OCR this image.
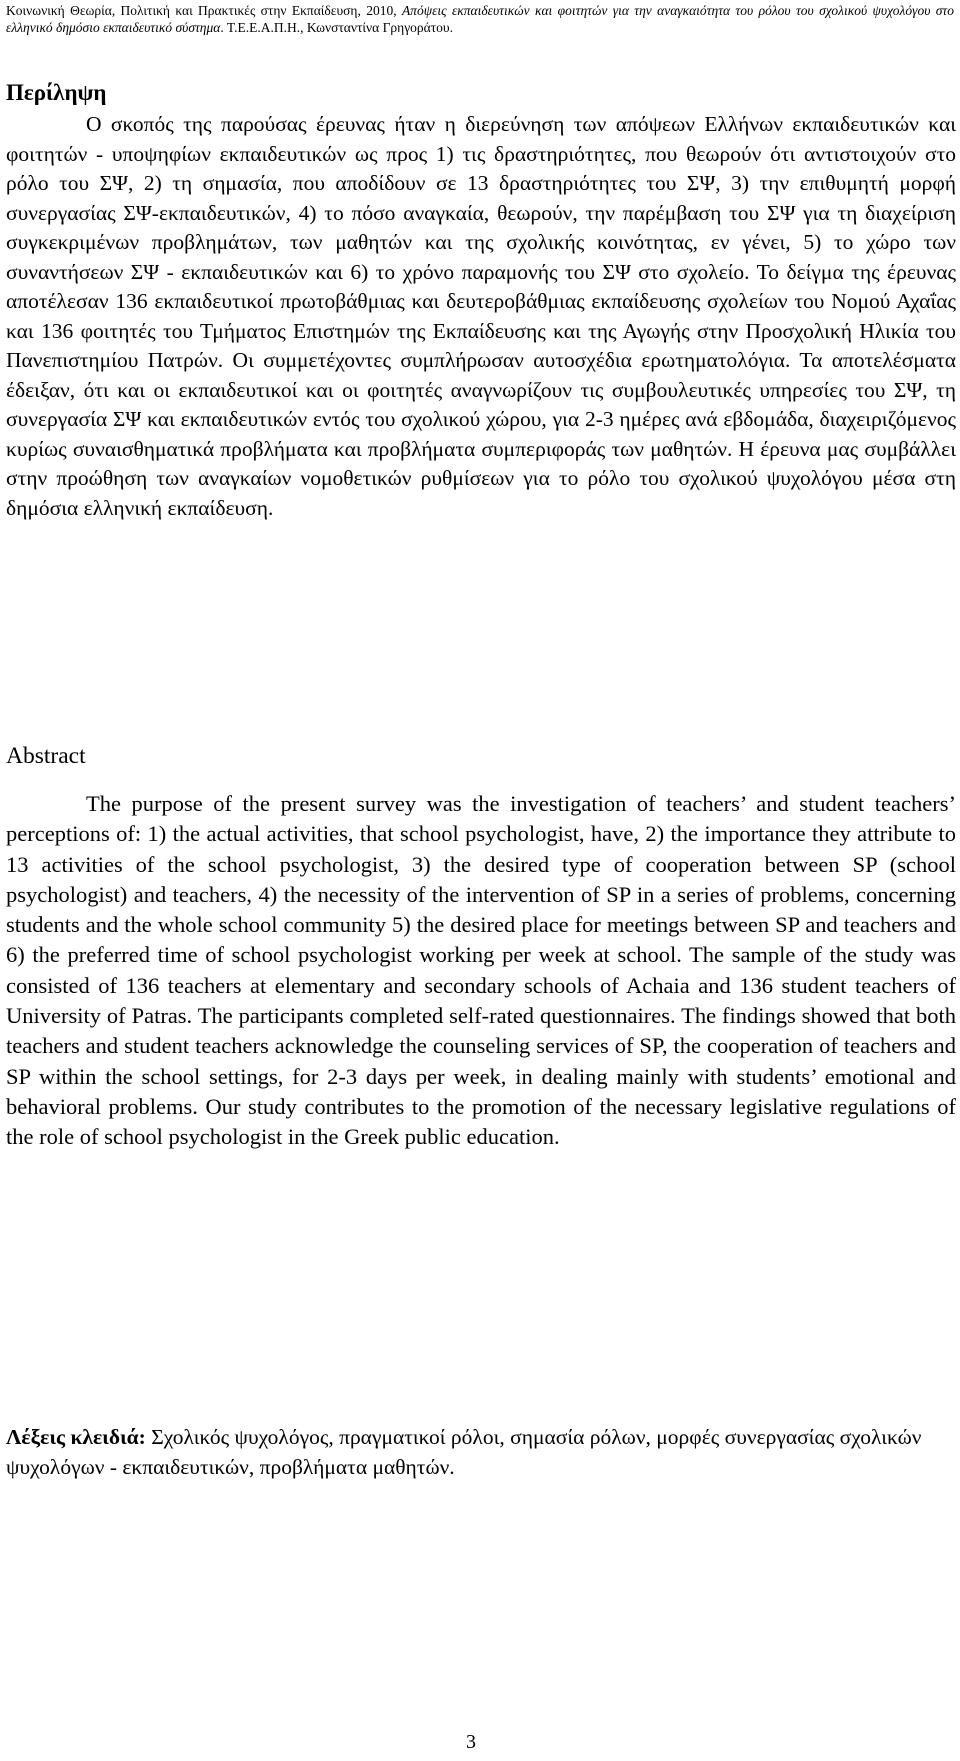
Κοινωνική Θεωρία, Πολιτική και Πρακτικές στην Εκπαίδευση, 2010, Απόψεις εκπαιδευτικών και φοιτητών για την αναγκαιότητα του ρόλου του σχολικού ψυχολόγου στο ελληνικό δημόσιο εκπαιδευτικό σύστημα. Τ.Ε.Ε.Α.Π.Η., Κωνσταντίνα Γρηγοράτου.
Περίληψη

Ο σκοπός της παρούσας έρευνας ήταν η διερεύνηση των απόψεων Ελλήνων εκπαιδευτικών και φοιτητών - υποψηφίων εκπαιδευτικών ως προς 1) τις δραστηριότητες, που θεωρούν ότι αντιστοιχούν στο ρόλο του ΣΨ, 2) τη σημασία, που αποδίδουν σε 13 δραστηριότητες του ΣΨ, 3) την επιθυμητή μορφή συνεργασίας ΣΨ-εκπαιδευτικών, 4) το πόσο αναγκαία, θεωρούν, την παρέμβαση του ΣΨ για τη διαχείριση συγκεκριμένων προβλημάτων, των μαθητών και της σχολικής κοινότητας, εν γένει, 5) το χώρο των συναντήσεων ΣΨ - εκπαιδευτικών και 6) το χρόνο παραμονής του ΣΨ στο σχολείο. Το δείγμα της έρευνας αποτέλεσαν 136 εκπαιδευτικοί πρωτοβάθμιας και δευτεροβάθμιας εκπαίδευσης σχολείων του Νομού Αχαΐας και 136 φοιτητές του Τμήματος Επιστημών της Εκπαίδευσης και της Αγωγής στην Προσχολική Ηλικία του Πανεπιστημίου Πατρών. Οι συμμετέχοντες συμπλήρωσαν αυτοσχέδια ερωτηματολόγια. Τα αποτελέσματα έδειξαν, ότι και οι εκπαιδευτικοί και οι φοιτητές αναγνωρίζουν τις συμβουλευτικές υπηρεσίες του ΣΨ, τη συνεργασία ΣΨ και εκπαιδευτικών εντός του σχολικού χώρου, για 2-3 ημέρες ανά εβδομάδα, διαχειριζόμενος κυρίως συναισθηματικά προβλήματα και προβλήματα συμπεριφοράς των μαθητών. Η έρευνα μας συμβάλλει στην προώθηση των αναγκαίων νομοθετικών ρυθμίσεων για το ρόλο του σχολικού ψυχολόγου μέσα στη δημόσια ελληνική εκπαίδευση.

Abstract

The purpose of the present survey was the investigation of teachers’ and student teachers’ perceptions of: 1) the actual activities, that school psychologist, have, 2) the importance they attribute to 13 activities of the school psychologist, 3) the desired type of cooperation between SP (school psychologist) and teachers, 4) the necessity of the intervention of SP in a series of problems, concerning students and the whole school community 5) the desired place for meetings between SP and teachers and 6) the preferred time of school psychologist working per week at school. The sample of the study was consisted of 136 teachers at elementary and secondary schools of Achaia and 136 student teachers of University of Patras. The participants completed self-rated questionnaires. The findings showed that both teachers and student teachers acknowledge the counseling services of SP, the cooperation of teachers and SP within the school settings, for 2-3 days per week, in dealing mainly with students’ emotional and behavioral problems. Our study contributes to the promotion of the necessary legislative regulations of the role of school psychologist in the Greek public education.

Λέξεις κλειδιά: Σχολικός ψυχολόγος, πραγματικοί ρόλοι, σημασία ρόλων, μορφές συνεργασίας σχολικών ψυχολόγων - εκπαιδευτικών, προβλήματα μαθητών.

3
